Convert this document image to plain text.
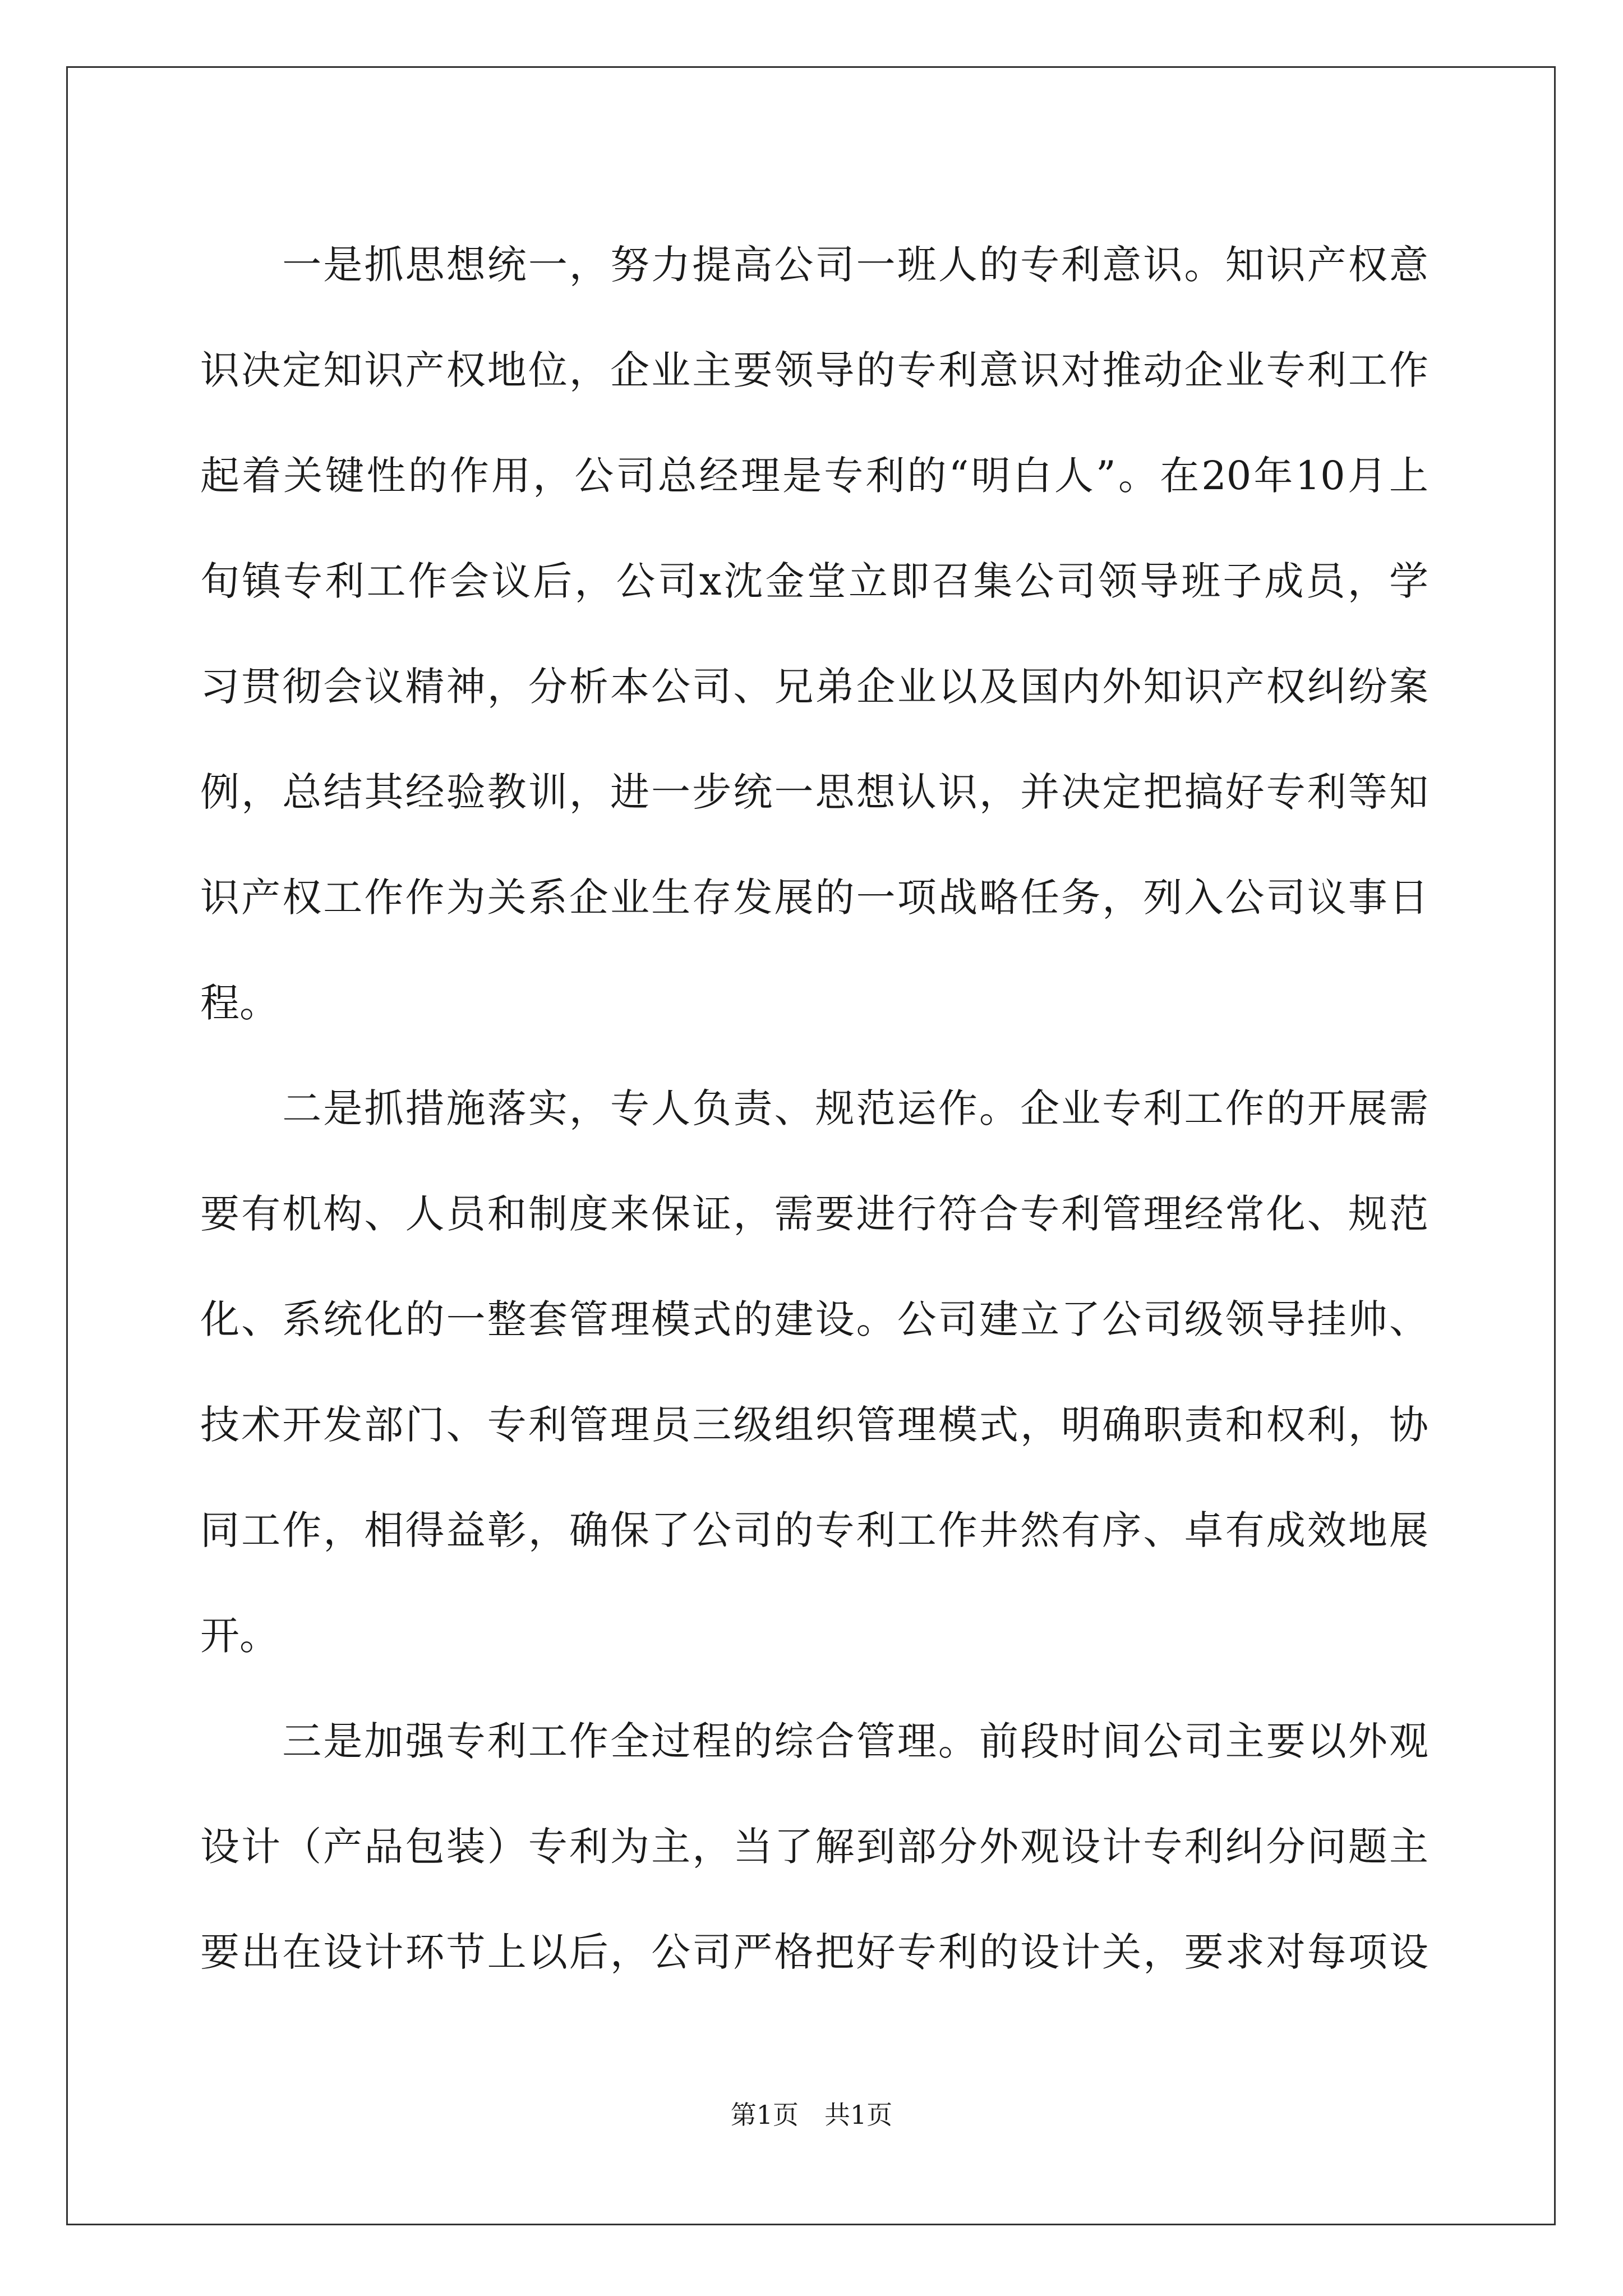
　　一是抓思想统一，努力提高公司一班人的专利意识。知识产权意
识决定知识产权地位，企业主要领导的专利意识对推动企业专利工作
起着关键性的作用，公司总经理是专利的“明白人”。在20年10月上
旬镇专利工作会议后，公司x沈金堂立即召集公司领导班子成员，学
习贯彻会议精神，分析本公司、兄弟企业以及国内外知识产权纠纷案
例，总结其经验教训，进一步统一思想认识，并决定把搞好专利等知
识产权工作作为关系企业生存发展的一项战略任务，列入公司议事日
程。
　　二是抓措施落实，专人负责、规范运作。企业专利工作的开展需
要有机构、人员和制度来保证，需要进行符合专利管理经常化、规范
化、系统化的一整套管理模式的建设。公司建立了公司级领导挂帅、
技术开发部门、专利管理员三级组织管理模式，明确职责和权利，协
同工作，相得益彰，确保了公司的专利工作井然有序、卓有成效地展
开。
　　三是加强专利工作全过程的综合管理。前段时间公司主要以外观
设计（产品包装）专利为主，当了解到部分外观设计专利纠分问题主
要出在设计环节上以后，公司严格把好专利的设计关，要求对每项设
第1页　共1页
